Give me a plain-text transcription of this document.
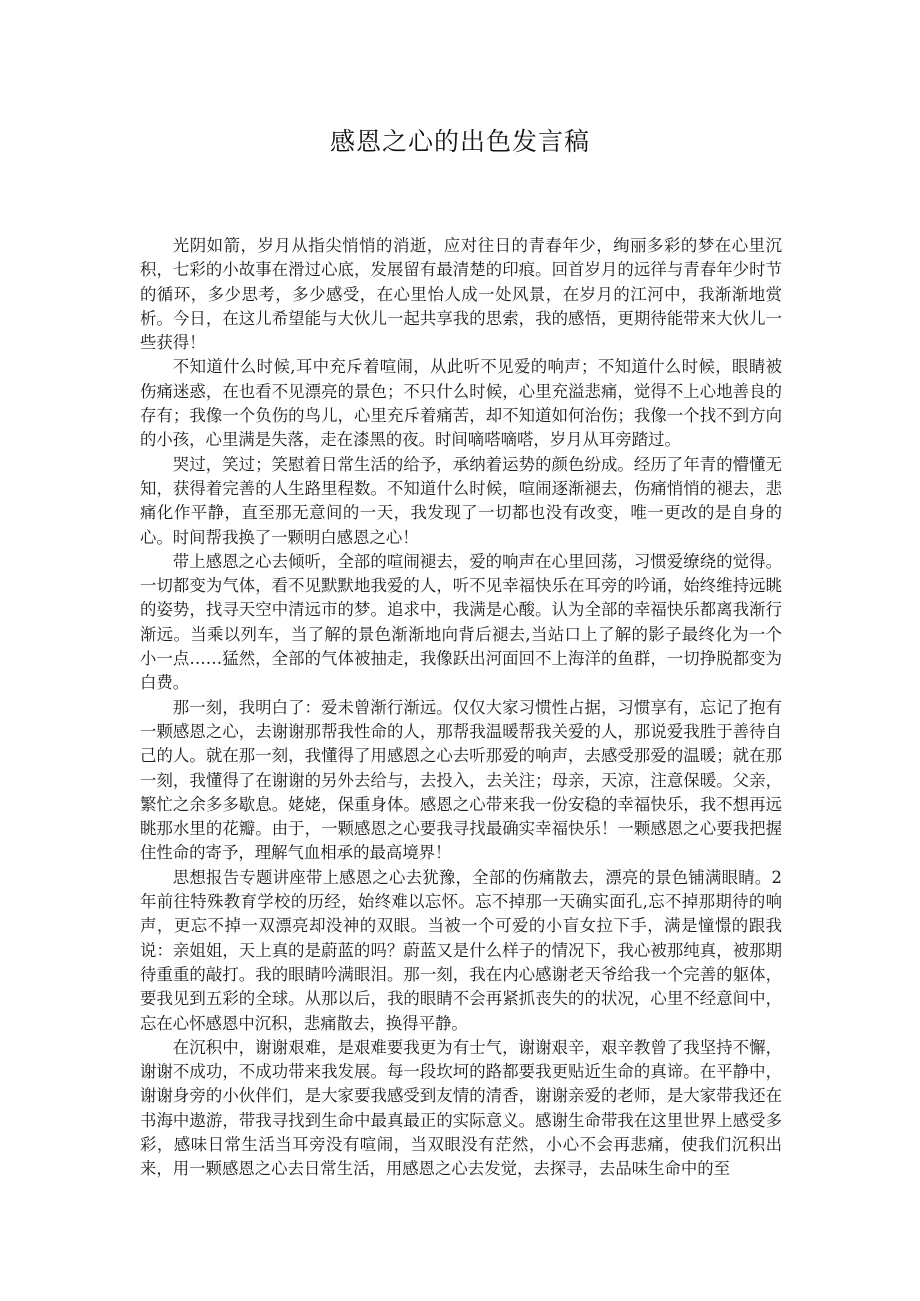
感恩之心的出色发言稿

光阴如箭，岁月从指尖悄悄的消逝，应对往日的青春年少，绚丽多彩的梦在心里沉积，七彩的小故事在滑过心底，发展留有最清楚的印痕。回首岁月的远徉与青春年少时节的循环，多少思考，多少感受，在心里怡人成一处风景，在岁月的江河中，我渐渐地赏析。今日，在这儿希望能与大伙儿一起共享我的思索，我的感悟，更期待能带来大伙儿一些获得！

不知道什么时候,耳中充斥着喧闹，从此听不见爱的响声；不知道什么时候，眼睛被伤痛迷惑，在也看不见漂亮的景色；不只什么时候，心里充溢悲痛，觉得不上心地善良的存有；我像一个负伤的鸟儿，心里充斥着痛苦，却不知道如何治伤；我像一个找不到方向的小孩，心里满是失落，走在漆黑的夜。时间嘀嗒嘀嗒，岁月从耳旁踏过。

哭过，笑过；笑慰着日常生活的给予，承纳着运势的颜色纷成。经历了年青的懵懂无知，获得着完善的人生路里程数。不知道什么时候，喧闹逐渐褪去，伤痛悄悄的褪去，悲痛化作平静，直至那无意间的一天，我发现了一切都也没有改变，唯一更改的是自身的心。时间帮我换了一颗明白感恩之心！

带上感恩之心去倾听，全部的喧闹褪去，爱的响声在心里回荡，习惯爱缭绕的觉得。一切都变为气体，看不见默默地我爱的人，听不见幸福快乐在耳旁的吟诵，始终维持远眺的姿势，找寻天空中清远市的梦。追求中，我满是心酸。认为全部的幸福快乐都离我渐行渐远。当乘以列车，当了解的景色渐渐地向背后褪去,当站口上了解的影子最终化为一个小一点……猛然，全部的气体被抽走，我像跃出河面回不上海洋的鱼群，一切挣脱都变为白费。

那一刻，我明白了：爱未曾渐行渐远。仅仅大家习惯性占据，习惯享有，忘记了抱有一颗感恩之心，去谢谢那帮我性命的人，那帮我温暖帮我关爱的人，那说爱我胜于善待自己的人。就在那一刻，我懂得了用感恩之心去听那爱的响声，去感受那爱的温暖；就在那一刻，我懂得了在谢谢的另外去给与，去投入，去关注；母亲，天凉，注意保暖。父亲，繁忙之余多多歇息。姥姥，保重身体。感恩之心带来我一份安稳的幸福快乐，我不想再远眺那水里的花瓣。由于，一颗感恩之心要我寻找最确实幸福快乐！一颗感恩之心要我把握住性命的寄予，理解气血相承的最高境界！

思想报告专题讲座带上感恩之心去犹豫，全部的伤痛散去，漂亮的景色铺满眼睛。2年前往特殊教育学校的历经，始终难以忘怀。忘不掉那一天确实面孔,忘不掉那期待的响声，更忘不掉一双漂亮却没神的双眼。当被一个可爱的小盲女拉下手，满是憧憬的跟我说：亲姐姐，天上真的是蔚蓝的吗？蔚蓝又是什么样子的情况下，我心被那纯真，被那期待重重的敲打。我的眼睛吟满眼泪。那一刻，我在内心感谢老天爷给我一个完善的躯体，要我见到五彩的全球。从那以后，我的眼睛不会再紧抓丧失的的状况，心里不经意间中，忘在心怀感恩中沉积，悲痛散去，换得平静。

在沉积中，谢谢艰难，是艰难要我更为有士气，谢谢艰辛，艰辛教曾了我坚持不懈，谢谢不成功，不成功带来我发展。每一段坎坷的路都要我更贴近生命的真谛。在平静中，谢谢身旁的小伙伴们，是大家要我感受到友情的清香，谢谢亲爱的老师，是大家带我还在书海中遨游，带我寻找到生命中最真最正的实际意义。感谢生命带我在这里世界上感受多彩，感味日常生活当耳旁没有喧闹，当双眼没有茫然，小心不会再悲痛，使我们沉积出来，用一颗感恩之心去日常生活，用感恩之心去发觉，去探寻，去品味生命中的至
